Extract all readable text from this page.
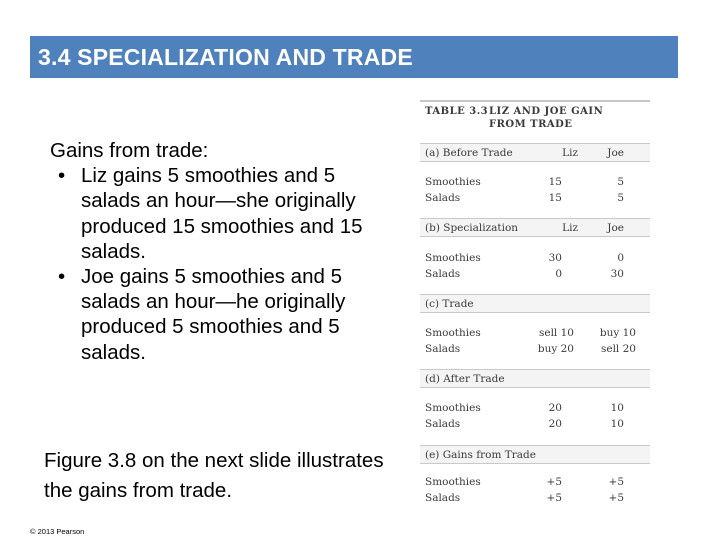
3.4 SPECIALIZATION AND TRADE

Gains from trade:

• Liz gains 5 smoothies and 5 salads an hour—she originally produced 15 smoothies and 15 salads.
• Joe gains 5 smoothies and 5 salads an hour—he originally produced 5 smoothies and 5 salads.
Figure 3.8 on the next slide illustrates the gains from trade.
© 2013 Pearson
TABLE 3.3LIZ AND JOE GAIN FROM TRADE
(a) Before Trade	Liz	Joe
Smoothies	15	5
Salads	15	5
(b) Specialization	Liz	Joe
Smoothies	30	0
Salads	0	30
(c) Trade
Smoothies	sell 10	buy 10
Salads	buy 20	sell 20
(d) After Trade
Smoothies	20	10
Salads	20	10
(e) Gains from Trade
Smoothies	+5	+5
Salads	+5	+5
